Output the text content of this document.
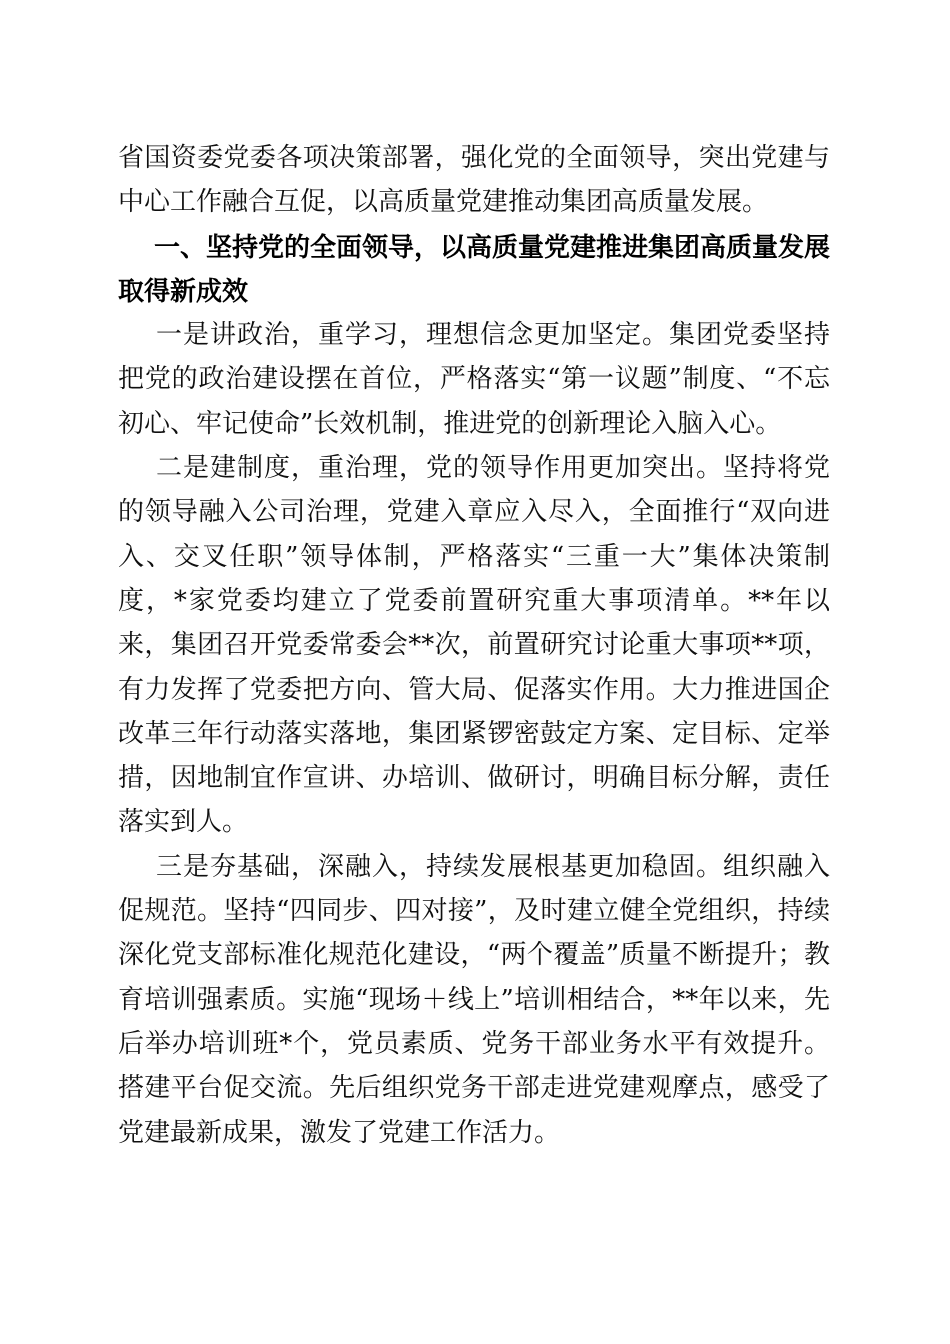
省国资委党委各项决策部署，强化党的全面领导，突出党建与中心工作融合互促，以高质量党建推动集团高质量发展。

一、坚持党的全面领导，以高质量党建推进集团高质量发展取得新成效

一是讲政治，重学习，理想信念更加坚定。集团党委坚持把党的政治建设摆在首位，严格落实“第一议题”制度、“不忘初心、牢记使命”长效机制，推进党的创新理论入脑入心。

二是建制度，重治理，党的领导作用更加突出。坚持将党的领导融入公司治理，党建入章应入尽入，全面推行“双向进入、交叉任职”领导体制，严格落实“三重一大”集体决策制度，*家党委均建立了党委前置研究重大事项清单。**年以来，集团召开党委常委会**次，前置研究讨论重大事项**项，有力发挥了党委把方向、管大局、促落实作用。大力推进国企改革三年行动落实落地，集团紧锣密鼓定方案、定目标、定举措，因地制宜作宣讲、办培训、做研讨，明确目标分解，责任落实到人。

三是夯基础，深融入，持续发展根基更加稳固。组织融入促规范。坚持“四同步、四对接”，及时建立健全党组织，持续深化党支部标准化规范化建设，“两个覆盖”质量不断提升；教育培训强素质。实施“现场＋线上”培训相结合，**年以来，先后举办培训班*个，党员素质、党务干部业务水平有效提升。搭建平台促交流。先后组织党务干部走进党建观摩点，感受了党建最新成果，激发了党建工作活力。
